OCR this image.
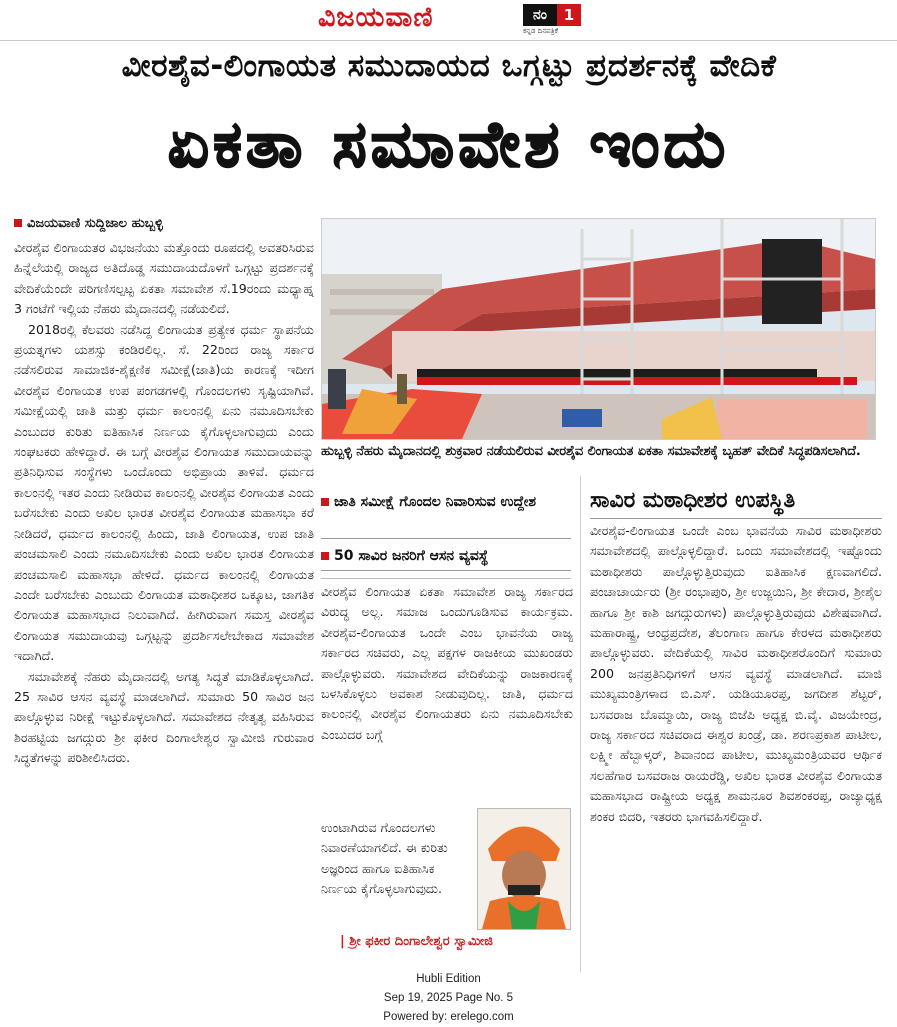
ವಿಜಯವಾಣಿ	ನಂ	1
ಕನ್ನಡ ದಿನಪತ್ರಿಕೆ
ವೀರಶೈವ-ಲಿಂಗಾಯತ ಸಮುದಾಯದ ಒಗ್ಗಟ್ಟು ಪ್ರದರ್ಶನಕ್ಕೆ ವೇದಿಕೆ
ಏಕತಾ ಸಮಾವೇಶ ಇಂದು
ವಿಜಯವಾಣಿ ಸುದ್ದಿಜಾಲ ಹುಬ್ಬಳ್ಳಿ

ವೀರಶೈವ ಲಿಂಗಾಯತರ ವಿಭಜನೆಯು ಮತ್ತೊಂದು ರೂಪದಲ್ಲಿ ಅವತರಿಸಿರುವ ಹಿನ್ನೆಲೆಯಲ್ಲಿ ರಾಜ್ಯದ ಅತಿದೊಡ್ಡ ಸಮುದಾಯದೊಳಗೆ ಒಗ್ಗಟ್ಟು ಪ್ರದರ್ಶನಕ್ಕೆ ವೇದಿಕೆಯೆಂದೇ ಪರಿಗಣಿಸಲ್ಪಟ್ಟ ಏಕತಾ ಸಮಾವೇಶ ಸೆ.19ರಂದು ಮಧ್ಯಾಹ್ನ 3 ಗಂಟೆಗೆ ಇಲ್ಲಿಯ ನೆಹರು ಮೈದಾನದಲ್ಲಿ ನಡೆಯಲಿದೆ.

2018ರಲ್ಲಿ ಕೆಲವರು ನಡೆಸಿದ್ದ ಲಿಂಗಾಯತ ಪ್ರತ್ಯೇಕ ಧರ್ಮ ಸ್ಥಾಪನೆಯ ಪ್ರಯತ್ನಗಳು ಯಶಸ್ಸು ಕಂಡಿರಲಿಲ್ಲ. ಸೆ. 22ರಿಂದ ರಾಜ್ಯ ಸರ್ಕಾರ ನಡೆಸಲಿರುವ ಸಾಮಾಜಿಕ-ಶೈಕ್ಷಣಿಕ ಸಮೀಕ್ಷೆ(ಜಾತಿ)ಯ ಕಾರಣಕ್ಕೆ ಇದೀಗ ವೀರಶೈವ ಲಿಂಗಾಯತ ಉಪ ಪಂಗಡಗಳಲ್ಲಿ ಗೊಂದಲಗಳು ಸೃಷ್ಟಿಯಾಗಿವೆ. ಸಮೀಕ್ಷೆಯಲ್ಲಿ ಜಾತಿ ಮತ್ತು ಧರ್ಮ ಕಾಲಂನಲ್ಲಿ ಏನು ನಮೂದಿಸಬೇಕು ಎಂಬುದರ ಕುರಿತು ಐತಿಹಾಸಿಕ ನಿರ್ಣಯ ಕೈಗೊಳ್ಳಲಾಗುವುದು ಎಂದು ಸಂಘಟಕರು ಹೇಳಿದ್ದಾರೆ. ಈ ಬಗ್ಗೆ ವೀರಶೈವ ಲಿಂಗಾಯತ ಸಮುದಾಯವನ್ನು ಪ್ರತಿನಿಧಿಸುವ ಸಂಸ್ಥೆಗಳು ಒಂದೊಂದು ಅಭಿಪ್ರಾಯ ತಾಳಿವೆ. ಧರ್ಮದ ಕಾಲಂನಲ್ಲಿ ಇತರ ಎಂದು ನೀಡಿರುವ ಕಾಲಂನಲ್ಲಿ ವೀರಶೈವ ಲಿಂಗಾಯತ ಎಂದು ಬರೆಸಬೇಕು ಎಂದು ಅಖಿಲ ಭಾರತ ವೀರಶೈವ ಲಿಂಗಾಯತ ಮಹಾಸಭಾ ಕರೆ ನೀಡಿದರೆ, ಧರ್ಮದ ಕಾಲಂನಲ್ಲಿ ಹಿಂದು, ಜಾತಿ ಲಿಂಗಾಯತ, ಉಪ ಜಾತಿ ಪಂಚಮಸಾಲಿ ಎಂದು ನಮೂದಿಸಬೇಕು ಎಂದು ಅಖಿಲ ಭಾರತ ಲಿಂಗಾಯತ ಪಂಚಮಸಾಲಿ ಮಹಾಸಭಾ ಹೇಳಿದೆ. ಧರ್ಮದ ಕಾಲಂನಲ್ಲಿ ಲಿಂಗಾಯತ ಎಂದೇ ಬರೆಸಬೇಕು ಎಂಬುದು ಲಿಂಗಾಯತ ಮಠಾಧೀಶರ ಒಕ್ಕೂಟ, ಜಾಗತಿಕ ಲಿಂಗಾಯತ ಮಹಾಸಭಾದ ನಿಲುವಾಗಿದೆ. ಹೀಗಿರುವಾಗ ಸಮಸ್ತ ವೀರಶೈವ ಲಿಂಗಾಯತ ಸಮುದಾಯವು ಒಗ್ಗಟ್ಟನ್ನು ಪ್ರದರ್ಶಿಸಲೇಬೇಕಾದ ಸಮಾವೇಶ ಇದಾಗಿದೆ.

ಸಮಾವೇಶಕ್ಕೆ ನೆಹರು ಮೈದಾನದಲ್ಲಿ ಅಗತ್ಯ ಸಿದ್ಧತೆ ಮಾಡಿಕೊಳ್ಳಲಾಗಿದೆ. 25 ಸಾವಿರ ಆಸನ ವ್ಯವಸ್ಥೆ ಮಾಡಲಾಗಿದೆ. ಸುಮಾರು 50 ಸಾವಿರ ಜನ ಪಾಲ್ಗೊಳ್ಳುವ ನಿರೀಕ್ಷೆ ಇಟ್ಟುಕೊಳ್ಳಲಾಗಿದೆ. ಸಮಾವೇಶದ ನೇತೃತ್ವ ವಹಿಸಿರುವ ಶಿರಹಟ್ಟಿಯ ಜಗದ್ಗುರು ಶ್ರೀ ಫಕೀರ ದಿಂಗಾಲೇಶ್ವರ ಸ್ವಾಮೀಜಿ ಗುರುವಾರ ಸಿದ್ಧತೆಗಳನ್ನು ಪರಿಶೀಲಿಸಿದರು.

ಹುಬ್ಬಳ್ಳಿ ನೆಹರು ಮೈದಾನದಲ್ಲಿ ಶುಕ್ರವಾರ ನಡೆಯಲಿರುವ ವೀರಶೈವ ಲಿಂಗಾಯತ ಏಕತಾ ಸಮಾವೇಶಕ್ಕೆ ಬೃಹತ್ ವೇದಿಕೆ ಸಿದ್ಧಪಡಿಸಲಾಗಿದೆ.
ಜಾತಿ ಸಮೀಕ್ಷೆ ಗೊಂದಲ ನಿವಾರಿಸುವ ಉದ್ದೇಶ
50 ಸಾವಿರ ಜನರಿಗೆ ಆಸನ ವ್ಯವಸ್ಥೆ

ವೀರಶೈವ ಲಿಂಗಾಯತ ಏಕತಾ ಸಮಾವೇಶ ರಾಜ್ಯ ಸರ್ಕಾರದ ವಿರುದ್ಧ ಅಲ್ಲ. ಸಮಾಜ ಒಂದುಗೂಡಿಸುವ ಕಾರ್ಯಕ್ರಮ. ವೀರಶೈವ-ಲಿಂಗಾಯತ ಒಂದೇ ಎಂಬ ಭಾವನೆಯ ರಾಜ್ಯ ಸರ್ಕಾರದ ಸಚಿವರು, ಎಲ್ಲ ಪಕ್ಷಗಳ ರಾಜಕೀಯ ಮುಖಂಡರು ಪಾಲ್ಗೊಳ್ಳುವರು. ಸಮಾವೇಶದ ವೇದಿಕೆಯನ್ನು ರಾಜಕಾರಣಕ್ಕೆ ಬಳಸಿಕೊಳ್ಳಲು ಅವಕಾಶ ನೀಡುವುದಿಲ್ಲ. ಜಾತಿ, ಧರ್ಮದ ಕಾಲಂನಲ್ಲಿ ವೀರಶೈವ ಲಿಂಗಾಯತರು ಏನು ನಮೂದಿಸಬೇಕು ಎಂಬುದರ ಬಗ್ಗೆ

ಉಂಟಾಗಿರುವ ಗೊಂದಲಗಳು ನಿವಾರಣೆಯಾಗಲಿದೆ. ಈ ಕುರಿತು ಅಜ್ಞರಿಂದ ಹಾಗೂ ಐತಿಹಾಸಿಕ ನಿರ್ಣಯ ಕೈಗೊಳ್ಳಲಾಗುವುದು.

| ಶ್ರೀ ಫಕೀರ ದಿಂಗಾಲೇಶ್ವರ ಸ್ವಾಮೀಜಿ
ಸಾವಿರ ಮಠಾಧೀಶರ ಉಪಸ್ಥಿತಿ

ವೀರಶೈವ-ಲಿಂಗಾಯತ ಒಂದೇ ಎಂಬ ಭಾವನೆಯ ಸಾವಿರ ಮಠಾಧೀಶರು ಸಮಾವೇಶದಲ್ಲಿ ಪಾಲ್ಗೊಳ್ಳಲಿದ್ದಾರೆ. ಒಂದು ಸಮಾವೇಶದಲ್ಲಿ ಇಷ್ಟೊಂದು ಮಠಾಧೀಶರು ಪಾಲ್ಗೊಳ್ಳುತ್ತಿರುವುದು ಐತಿಹಾಸಿಕ ಕ್ಷಣವಾಗಲಿದೆ. ಪಂಚಾಚಾರ್ಯರು (ಶ್ರೀ ರಂಭಾಪುರಿ, ಶ್ರೀ ಉಜ್ಜಯಿನಿ, ಶ್ರೀ ಕೇದಾರ, ಶ್ರೀಶೈಲ ಹಾಗೂ ಶ್ರೀ ಕಾಶಿ ಜಗದ್ಗುರುಗಳು) ಪಾಲ್ಗೊಳ್ಳುತ್ತಿರುವುದು ವಿಶೇಷವಾಗಿದೆ. ಮಹಾರಾಷ್ಟ್ರ, ಆಂಧ್ರಪ್ರದೇಶ, ತೆಲಂಗಾಣ ಹಾಗೂ ಕೇರಳದ ಮಠಾಧೀಶರು ಪಾಲ್ಗೊಳ್ಳುವರು. ವೇದಿಕೆಯಲ್ಲಿ ಸಾವಿರ ಮಠಾಧೀಶರೊಂದಿಗೆ ಸುಮಾರು 200 ಜನಪ್ರತಿನಿಧಿಗಳಿಗೆ ಆಸನ ವ್ಯವಸ್ಥೆ ಮಾಡಲಾಗಿದೆ. ಮಾಜಿ ಮುಖ್ಯಮಂತ್ರಿಗಳಾದ ಬಿ.ಎಸ್. ಯಡಿಯೂರಪ್ಪ, ಜಗದೀಶ ಶೆಟ್ಟರ್, ಬಸವರಾಜ ಬೊಮ್ಮಾಯಿ, ರಾಜ್ಯ ಬಿಜೆಪಿ ಅಧ್ಯಕ್ಷ ಬಿ.ವೈ. ವಿಜಯೇಂದ್ರ, ರಾಜ್ಯ ಸರ್ಕಾರದ ಸಚಿವರಾದ ಈಶ್ವರ ಖಂಡ್ರೆ, ಡಾ. ಶರಣಪ್ರಕಾಶ ಪಾಟೀಲ, ಲಕ್ಷ್ಮೀ ಹೆಬ್ಬಾಳ್ಕರ್, ಶಿವಾನಂದ ಪಾಟೀಲ, ಮುಖ್ಯಮಂತ್ರಿಯವರ ಆರ್ಥಿಕ ಸಲಹೆಗಾರ ಬಸವರಾಜ ರಾಯರೆಡ್ಡಿ, ಅಖಿಲ ಭಾರತ ವೀರಶೈವ ಲಿಂಗಾಯತ ಮಹಾಸಭಾದ ರಾಷ್ಟ್ರೀಯ ಅಧ್ಯಕ್ಷ ಶಾಮನೂರ ಶಿವಶಂಕರಪ್ಪ, ರಾಜ್ಯಾಧ್ಯಕ್ಷ ಶಂಕರ ಬಿದರಿ, ಇತರರು ಭಾಗವಹಿಸಲಿದ್ದಾರೆ.

Hubli Edition
Sep 19, 2025 Page No. 5
Powered by: erelego.com
